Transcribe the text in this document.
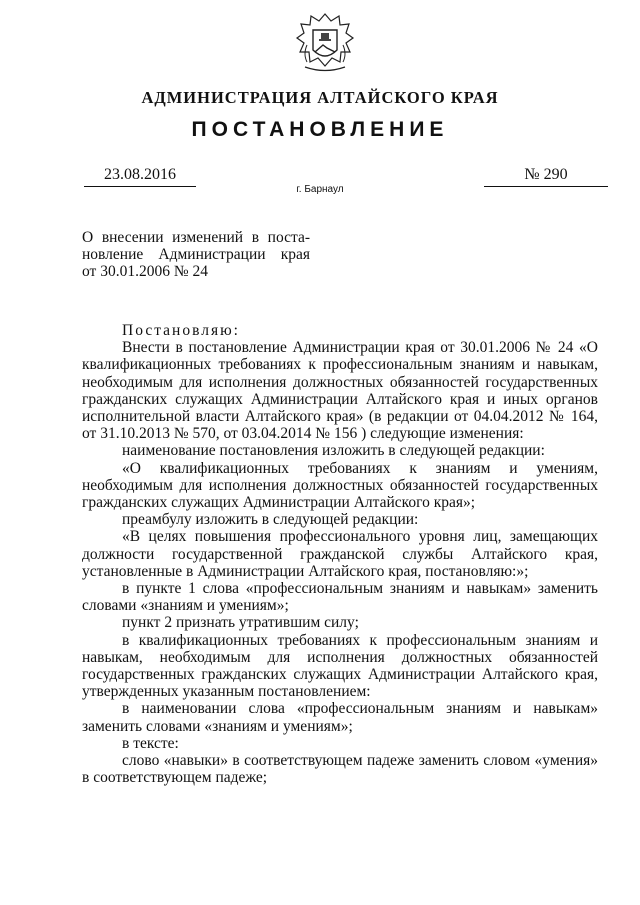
АДМИНИСТРАЦИЯ АЛТАЙСКОГО КРАЯ
ПОСТАНОВЛЕНИЕ
23.08.2016	№ 290
г. Барнаул
О внесении изменений в поста-
новление Администрации края
от 30.01.2006 № 24

Постановляю:

Внести в постановление Администрации края от 30.01.2006 № 24 «О квалификационных требованиях к профессиональным знаниям и навыкам, необходимым для исполнения должностных обязанностей государственных гражданских служащих Администрации Алтайского края и иных органов исполнительной власти Алтайского края» (в редакции от 04.04.2012 № 164, от 31.10.2013 № 570, от 03.04.2014 № 156 ) следующие изменения:

наименование постановления изложить в следующей редакции:

«О квалификационных требованиях к знаниям и умениям, необходимым для исполнения должностных обязанностей государственных гражданских служащих Администрации Алтайского края»;

преамбулу изложить в следующей редакции:

«В целях повышения профессионального уровня лиц, замещающих должности государственной гражданской службы Алтайского края, установленные в Администрации Алтайского края, постановляю:»;

в пункте 1 слова «профессиональным знаниям и навыкам» заменить словами «знаниям и умениям»;

пункт 2 признать утратившим силу;

в квалификационных требованиях к профессиональным знаниям и навыкам, необходимым для исполнения должностных обязанностей государственных гражданских служащих Администрации Алтайского края, утвержденных указанным постановлением:

в наименовании слова «профессиональным знаниям и навыкам» заменить словами «знаниям и умениям»;

в тексте:

слово «навыки» в соответствующем падеже заменить словом «умения» в соответствующем падеже;
